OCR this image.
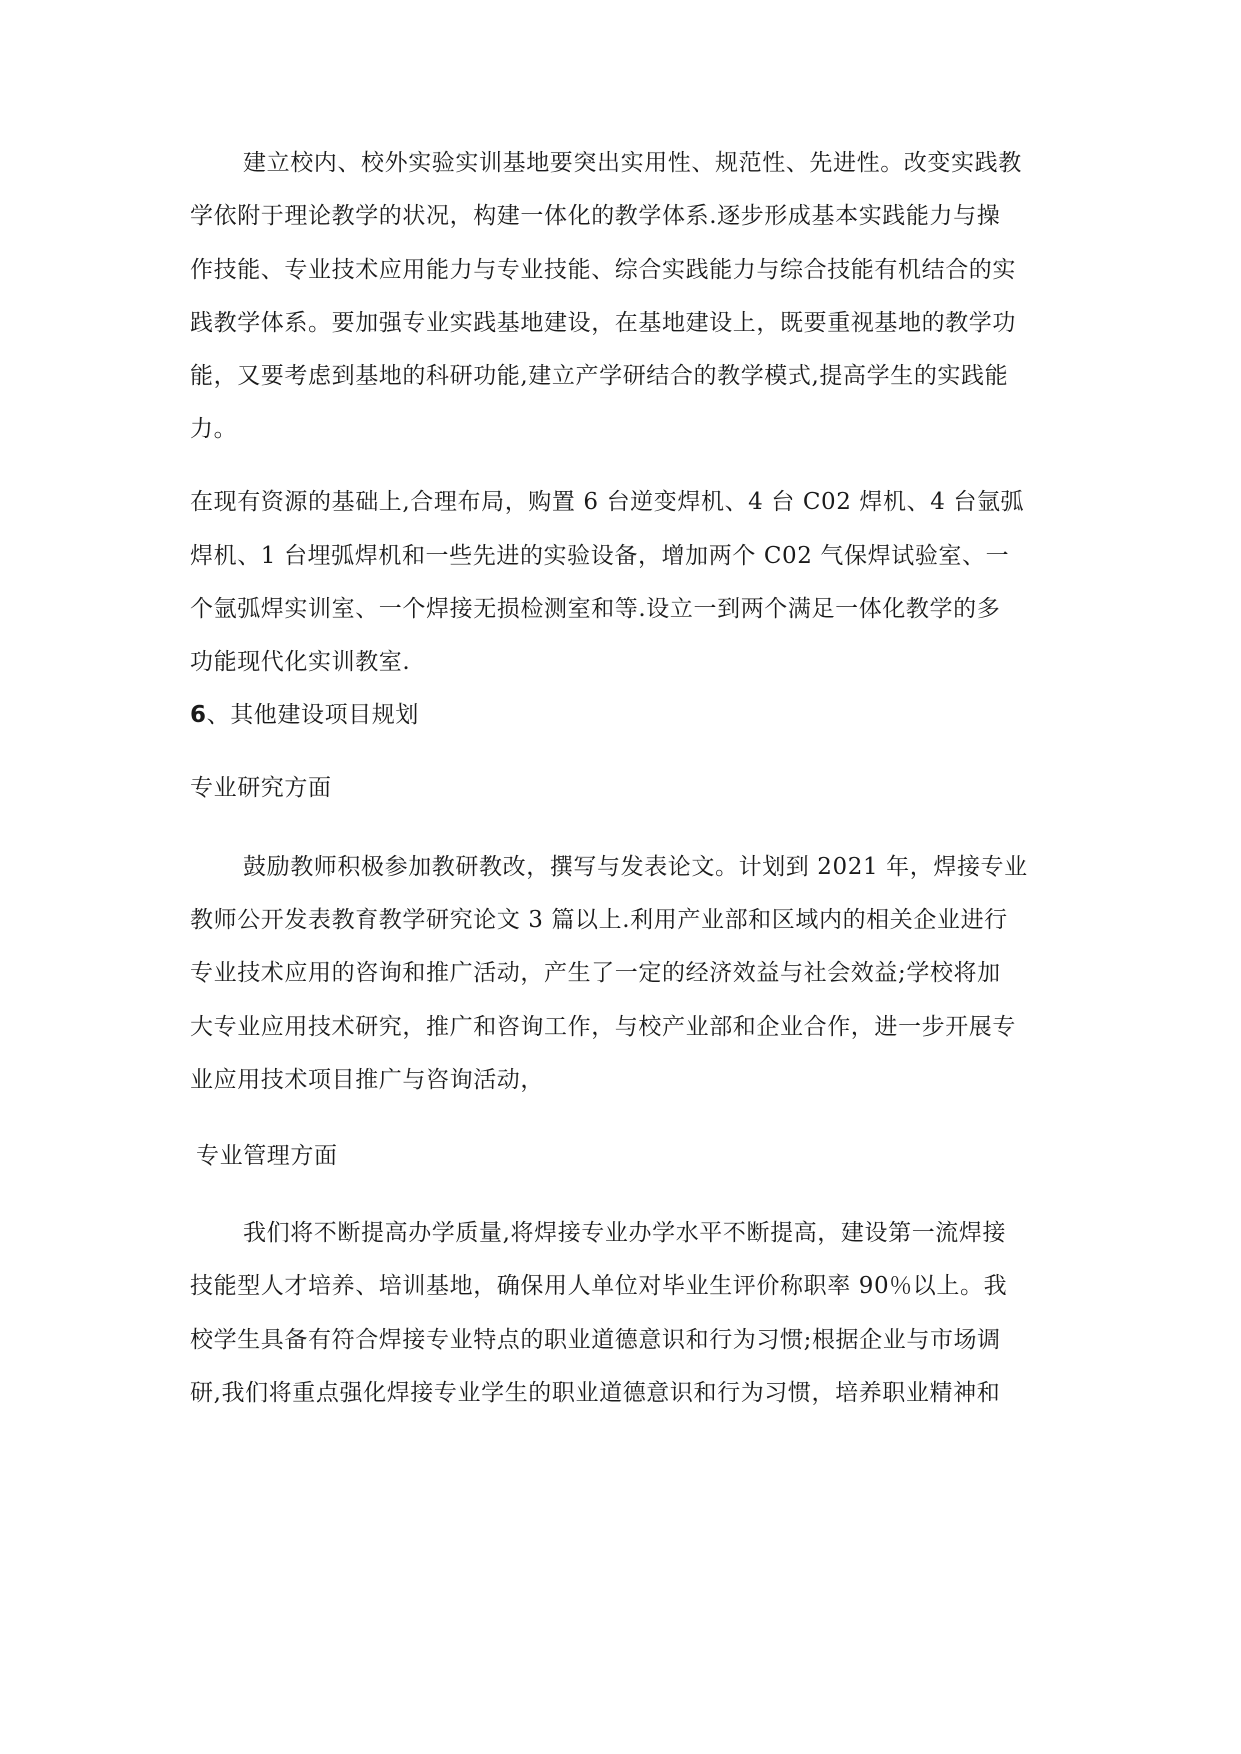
建立校内、校外实验实训基地要突出实用性、规范性、先进性。改变实践教
学依附于理论教学的状况，构建一体化的教学体系.逐步形成基本实践能力与操
作技能、专业技术应用能力与专业技能、综合实践能力与综合技能有机结合的实
践教学体系。要加强专业实践基地建设，在基地建设上，既要重视基地的教学功
能，又要考虑到基地的科研功能,建立产学研结合的教学模式,提高学生的实践能
力。
在现有资源的基础上,合理布局，购置 6 台逆变焊机、4 台 C02 焊机、4 台氩弧
焊机、1 台埋弧焊机和一些先进的实验设备，增加两个 C02 气保焊试验室、一
个氩弧焊实训室、一个焊接无损检测室和等.设立一到两个满足一体化教学的多
功能现代化实训教室.
6、其他建设项目规划
专业研究方面
鼓励教师积极参加教研教改，撰写与发表论文。计划到 2021 年，焊接专业
教师公开发表教育教学研究论文 3 篇以上.利用产业部和区域内的相关企业进行
专业技术应用的咨询和推广活动，产生了一定的经济效益与社会效益;学校将加
大专业应用技术研究，推广和咨询工作，与校产业部和企业合作，进一步开展专
业应用技术项目推广与咨询活动，
专业管理方面
我们将不断提高办学质量,将焊接专业办学水平不断提高，建设第一流焊接
技能型人才培养、培训基地，确保用人单位对毕业生评价称职率 90％以上。我
校学生具备有符合焊接专业特点的职业道德意识和行为习惯;根据企业与市场调
研,我们将重点强化焊接专业学生的职业道德意识和行为习惯，培养职业精神和
